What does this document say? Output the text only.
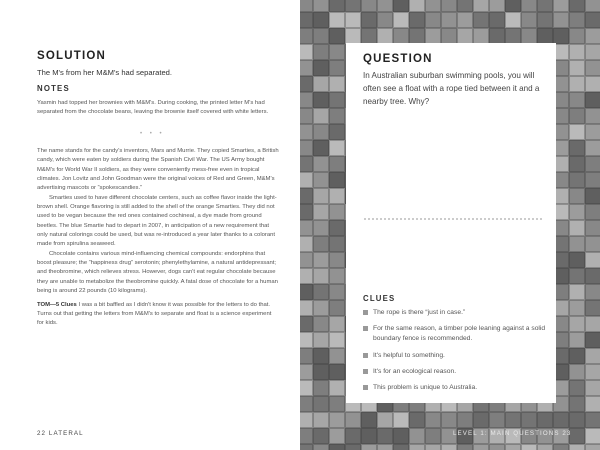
SOLUTION
The M's from her M&M's had separated.
NOTES
Yasmin had topped her brownies with M&M's. During cooking, the printed letter M's had separated from the chocolate beans, leaving the brownie itself covered with white letters.
• • •

The name stands for the candy's inventors, Mars and Murrie. They copied Smarties, a British candy, which were eaten by soldiers during the Spanish Civil War. The US Army bought M&M's for World War II soldiers, as they were conveniently mess-free even in tropical climates. Jon Lovitz and John Goodman were the original voices of Red and Green, M&M's advertising mascots or “spokescandies.”

Smarties used to have different chocolate centers, such as coffee flavor inside the light-brown shell. Orange flavoring is still added to the shell of the orange Smarties. They did not used to be vegan because the red ones contained cochineal, a dye made from ground beetles. The blue Smartie had to depart in 2007, in anticipation of a new requirement that only natural colorings could be used, but was re-introduced a year later thanks to a colorant made from spirulina seaweed.

Chocolate contains various mind-influencing chemical compounds: endorphins that boost pleasure; the “happiness drug” serotonin; phenylethylamine, a natural antidepressant; and theobromine, which relieves stress. However, dogs can't eat regular chocolate because they are unable to metabolize the theobromine quickly. A fatal dose of chocolate for a human being is around 22 pounds (10 kilograms).

TOM—5 Clues I was a bit baffled as I didn't know it was possible for the letters to do that. Turns out that getting the letters from M&M's to separate and float is a science experiment for kids.

22 LATERAL
QUESTION
In Australian suburban swimming pools, you will often see a float with a rope tied between it and a nearby tree. Why?
CLUES
The rope is there “just in case.”
For the same reason, a timber pole leaning against a solid boundary fence is recommended.
It's helpful to something.
It's for an ecological reason.
This problem is unique to Australia.
LEVEL 1: MAIN QUESTIONS 23
